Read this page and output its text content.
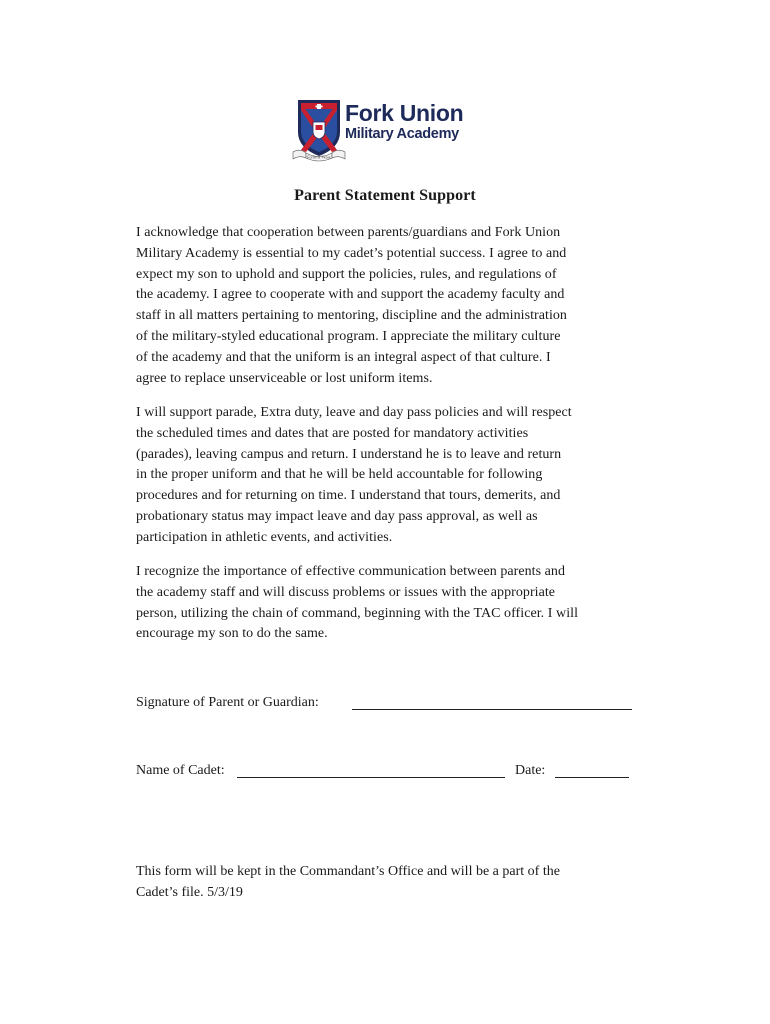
Fortis et Verax
Fork Union
Military Academy
Parent Statement Support

I acknowledge that cooperation between parents/guardians and Fork Union
Military Academy is essential to my cadet’s potential success. I agree to and
expect my son to uphold and support the policies, rules, and regulations of
the academy. I agree to cooperate with and support the academy faculty and
staff in all matters pertaining to mentoring, discipline and the administration
of the military-styled educational program. I appreciate the military culture
of the academy and that the uniform is an integral aspect of that culture. I
agree to replace unserviceable or lost uniform items.

I will support parade, Extra duty, leave and day pass policies and will respect
the scheduled times and dates that are posted for mandatory activities
(parades), leaving campus and return. I understand he is to leave and return
in the proper uniform and that he will be held accountable for following
procedures and for returning on time. I understand that tours, demerits, and
probationary status may impact leave and day pass approval, as well as
participation in athletic events, and activities.

I recognize the importance of effective communication between parents and
the academy staff and will discuss problems or issues with the appropriate
person, utilizing the chain of command, beginning with the TAC officer. I will
encourage my son to do the same.

Signature of Parent or Guardian:
Name of Cadet:	Date:
This form will be kept in the Commandant’s Office and will be a part of the
Cadet’s file. 5/3/19
